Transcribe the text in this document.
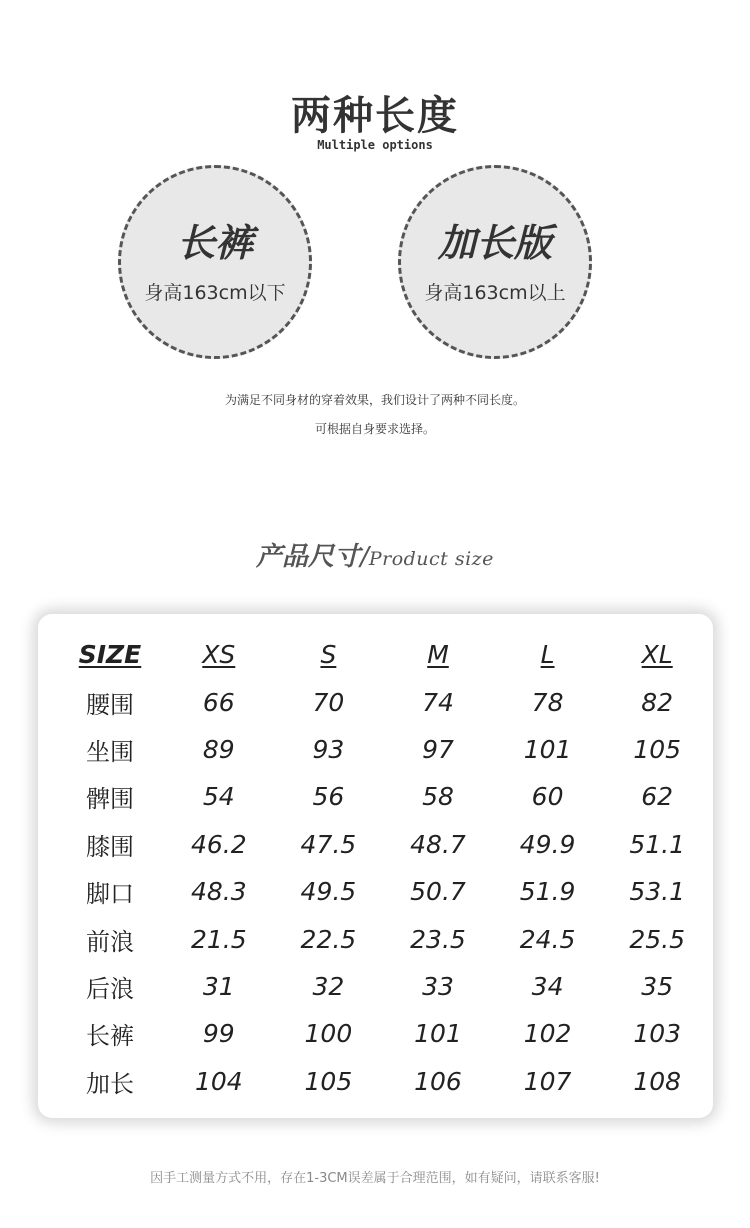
两种长度
Multiple options
长裤
身高163cm以下
加长版
身高163cm以上
为满足不同身材的穿着效果，我们设计了两种不同长度。
可根据自身要求选择。
产品尺寸/Product size
SIZE	XS	S	M	L	XL
腰围	66	70	74	78	82
坐围	89	93	97	101	105
髀围	54	56	58	60	62
膝围	46.2	47.5	48.7	49.9	51.1
脚口	48.3	49.5	50.7	51.9	53.1
前浪	21.5	22.5	23.5	24.5	25.5
后浪	31	32	33	34	35
长裤	99	100	101	102	103
加长	104	105	106	107	108
因手工测量方式不用，存在1-3CM误差属于合理范围，如有疑问，请联系客服!
